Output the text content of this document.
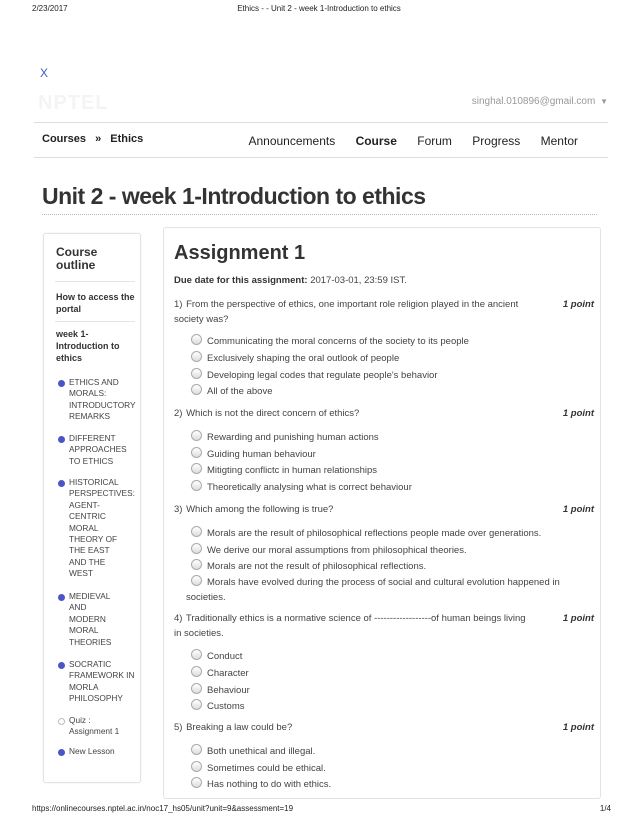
2/23/2017	Ethics - - Unit 2 - week 1-Introduction to ethics
X
NPTEL	singhal.010896@gmail.com ▼
Courses » Ethics	Announcements Course Forum Progress Mentor
Unit 2 - week 1-Introduction to ethics
Course outline
How to access the portal
week 1-Introduction to ethics
ETHICS AND MORALS: INTRODUCTORY REMARKS
DIFFERENT APPROACHES TO ETHICS
HISTORICAL PERSPECTIVES: AGENT-CENTRIC MORAL THEORY OF THE EAST AND THE WEST
MEDIEVAL AND MODERN MORAL THEORIES
SOCRATIC FRAMEWORK IN MORLA PHILOSOPHY
Quiz : Assignment 1
New Lesson
Assignment 1
Due date for this assignment: 2017-03-01, 23:59 IST.
1) From the perspective of ethics, one important role religion played in the ancient society was?
1 point
Communicating the moral concerns of the society to its people
Exclusively shaping the oral outlook of people
Developing legal codes that regulate people's behavior
All of the above
2) Which is not the direct concern of ethics?	1 point
Rewarding and punishing human actions
Guiding human behaviour
Mitigting conflictc in human relationships
Theoretically analysing what is correct behaviour
3) Which among the following is true?	1 point
Morals are the result of philosophical reflections people made over generations.
We derive our moral assumptions from philosophical theories.
Morals are not the result of philosophical reflections.
Morals have evolved during the process of social and cultural evolution happened in societies.
4) Traditionally ethics is a normative science of ------------------of human beings living in societies.
1 point
Conduct
Character
Behaviour
Customs
5) Breaking a law could be?	1 point
Both unethical and illegal.
Sometimes could be ethical.
Has nothing to do with ethics.
https://onlinecourses.nptel.ac.in/noc17_hs05/unit?unit=9&assessment=19	1/4
